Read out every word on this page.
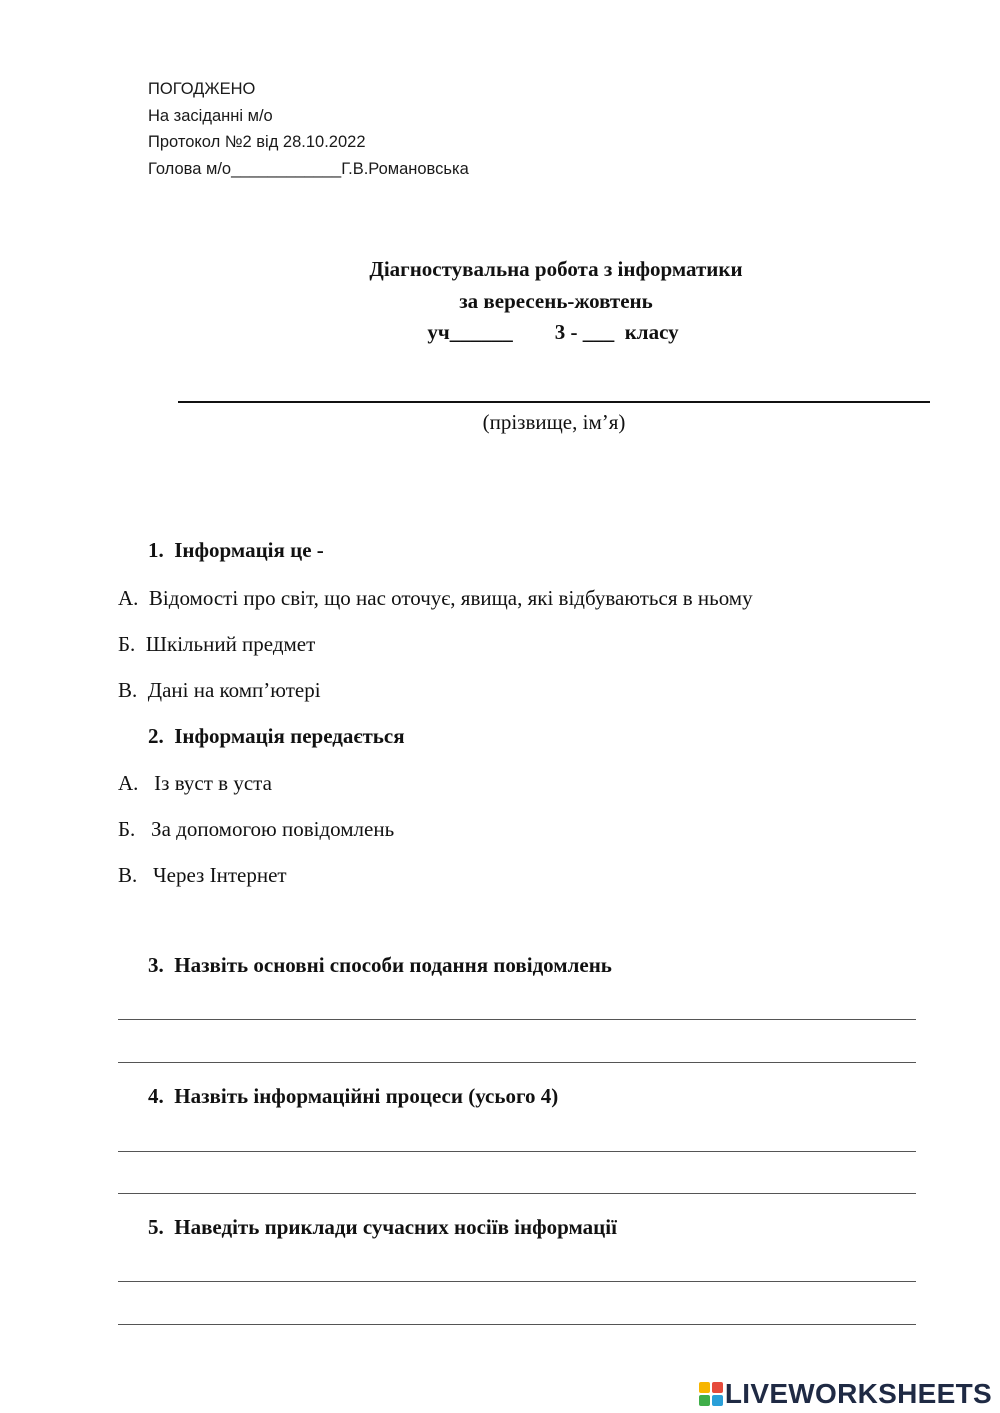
ПОГОДЖЕНО
На засіданні м/о
Протокол №2 від 28.10.2022
Голова м/о____________Г.В.Романовська
Діагностувальна робота з інформатики
за вересень-жовтень
уч______        3 - ___  класу
(прізвище, ім’я)
1.  Інформація це -
А.  Відомості про світ, що нас оточує, явища, які відбуваються в ньому
Б.  Шкільний предмет
В.  Дані на комп’ютері
2.  Інформація передається
А.   Із вуст в уста
Б.   За допомогою повідомлень
В.   Через Інтернет
3.  Назвіть основні способи подання повідомлень
4.  Назвіть інформаційні процеси (усього 4)
5.  Наведіть приклади сучасних носіїв інформації
LIVEWORKSHEETS
